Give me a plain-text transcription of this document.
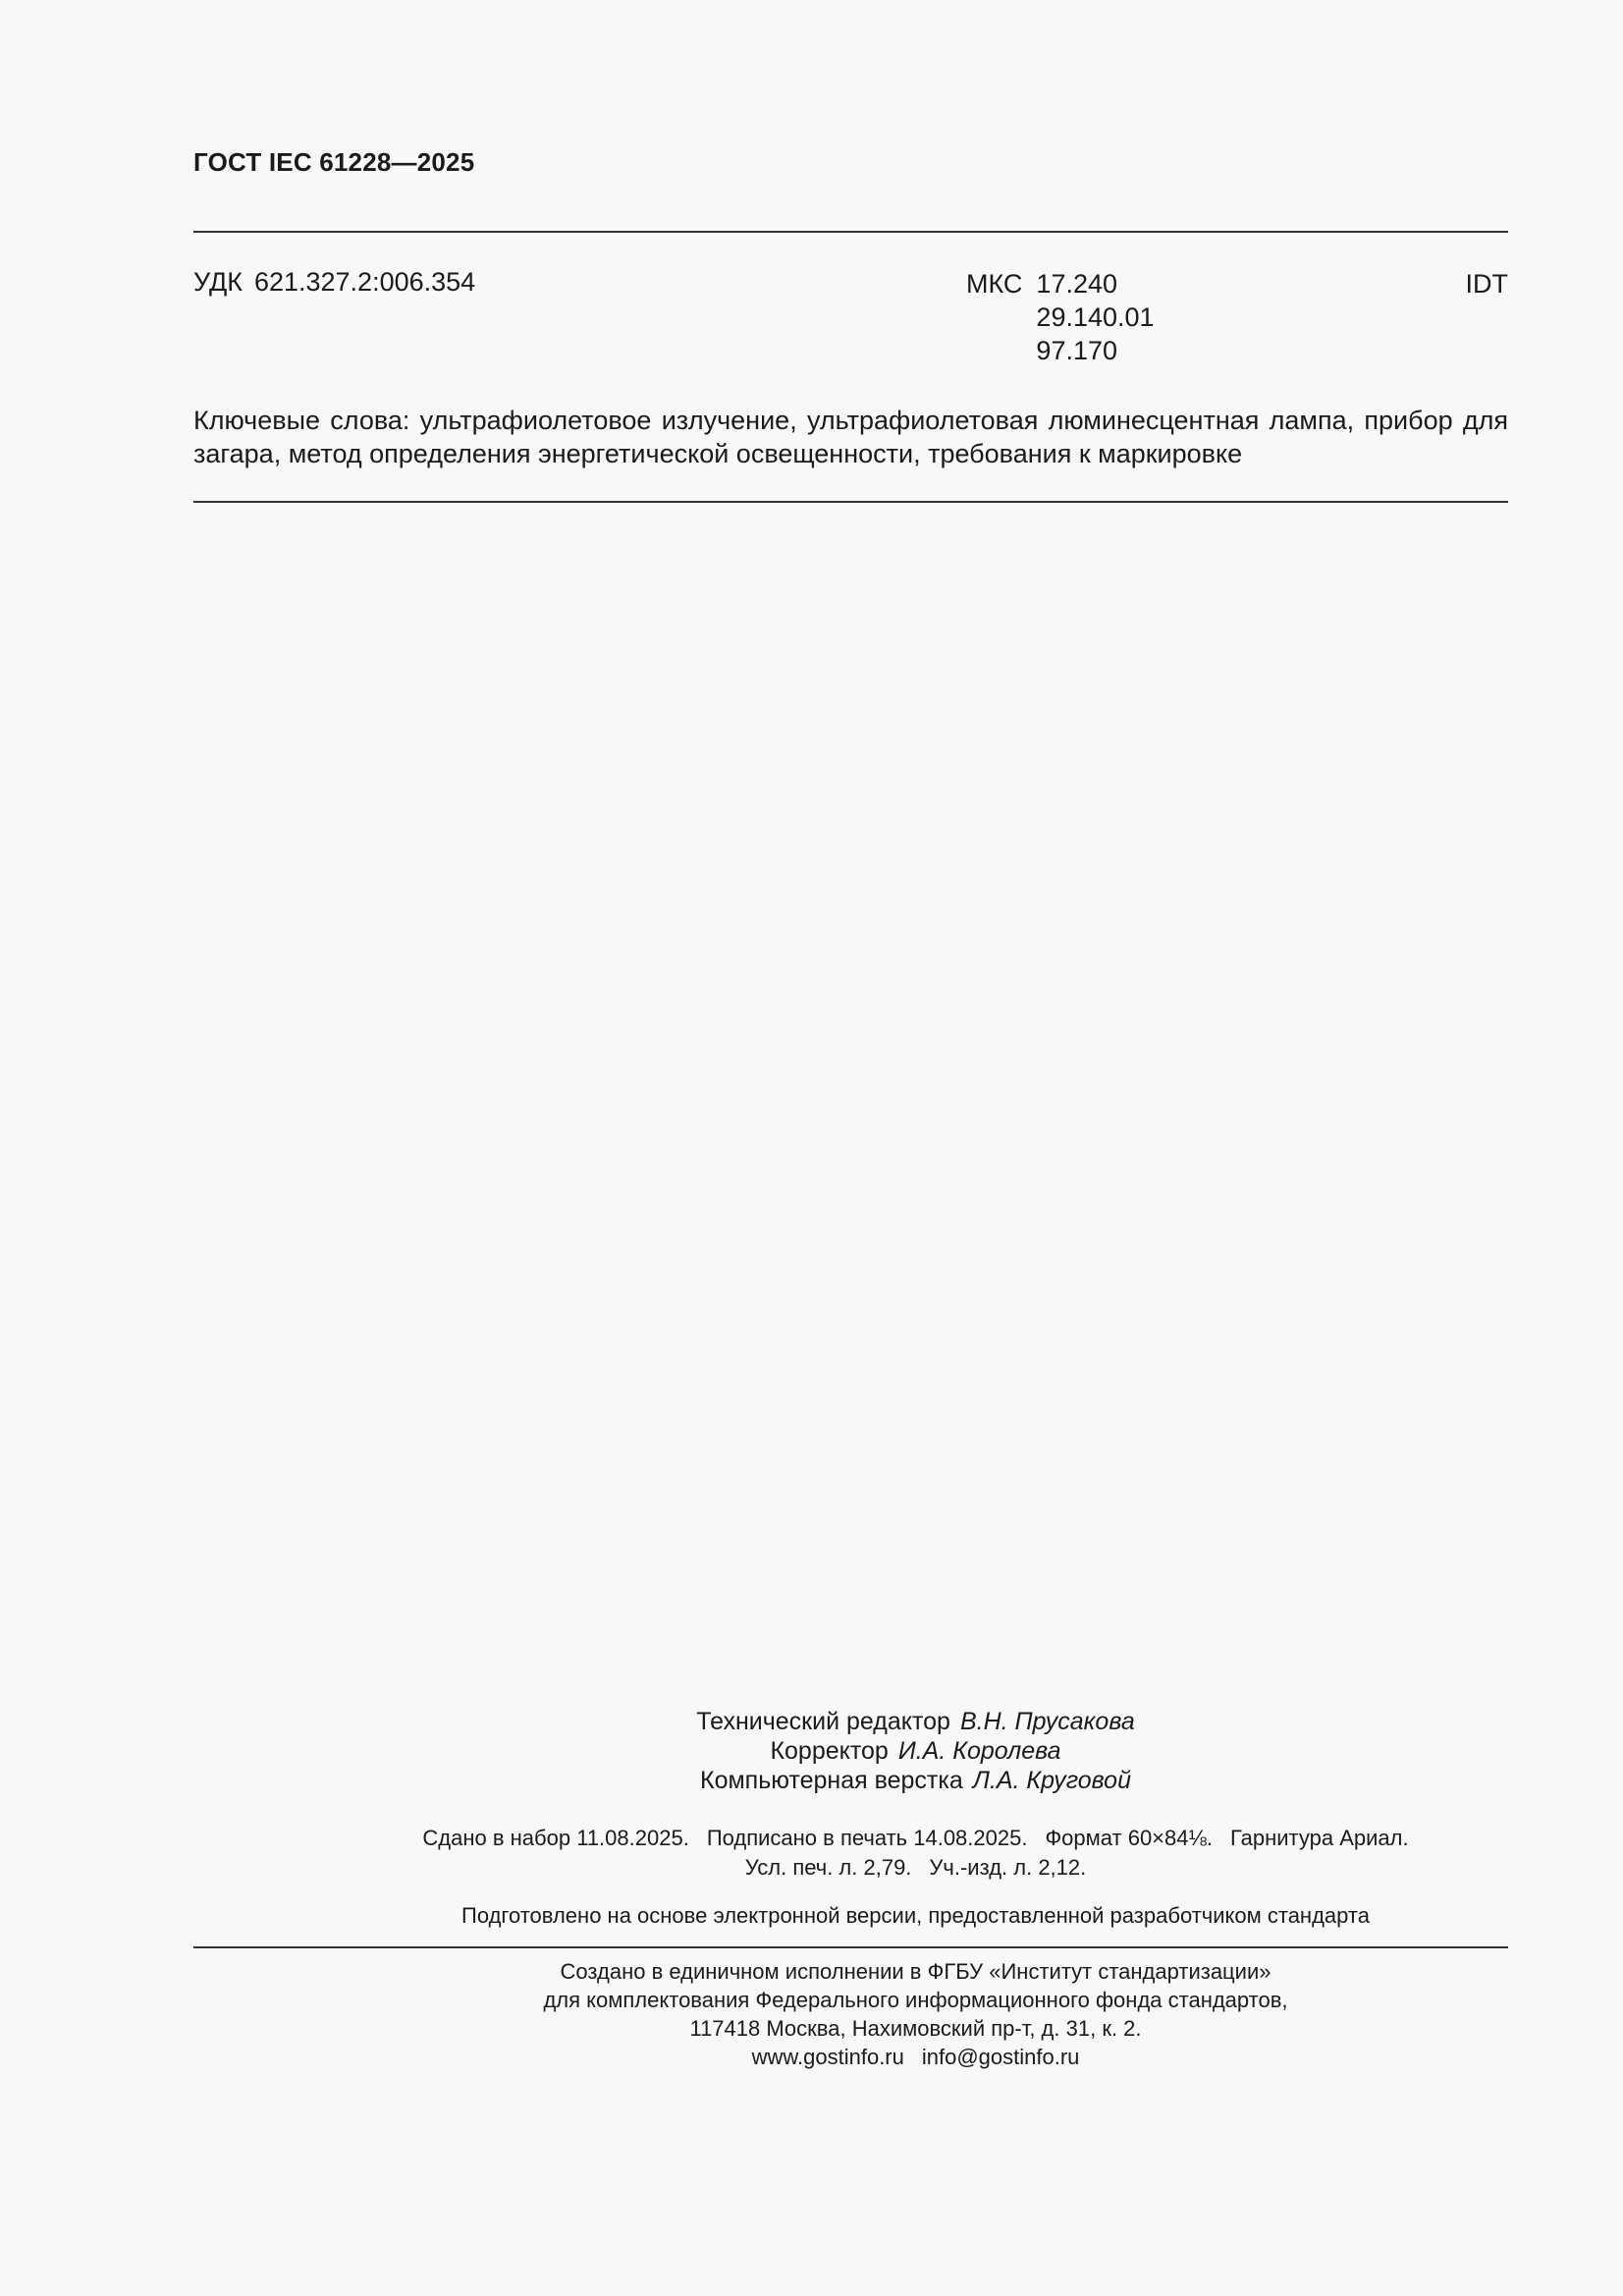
ГОСТ IEC 61228—2025
УДК 621.327.2:006.354	МКС 17.240
29.140.01
97.170
IDT
Ключевые слова: ультрафиолетовое излучение, ультрафиолетовая люминесцентная лампа, прибор для загара, метод определения энергетической освещенности, требования к маркировке
Технический редактор В.Н. Прусакова
Корректор И.А. Королева
Компьютерная верстка Л.А. Круговой
Сдано в набор 11.08.2025. Подписано в печать 14.08.2025. Формат 60×84⅛. Гарнитура Ариал.
Усл. печ. л. 2,79. Уч.-изд. л. 2,12.
Подготовлено на основе электронной версии, предоставленной разработчиком стандарта
Создано в единичном исполнении в ФГБУ «Институт стандартизации»
для комплектования Федерального информационного фонда стандартов,
117418 Москва, Нахимовский пр-т, д. 31, к. 2.
www.gostinfo.ru info@gostinfo.ru
